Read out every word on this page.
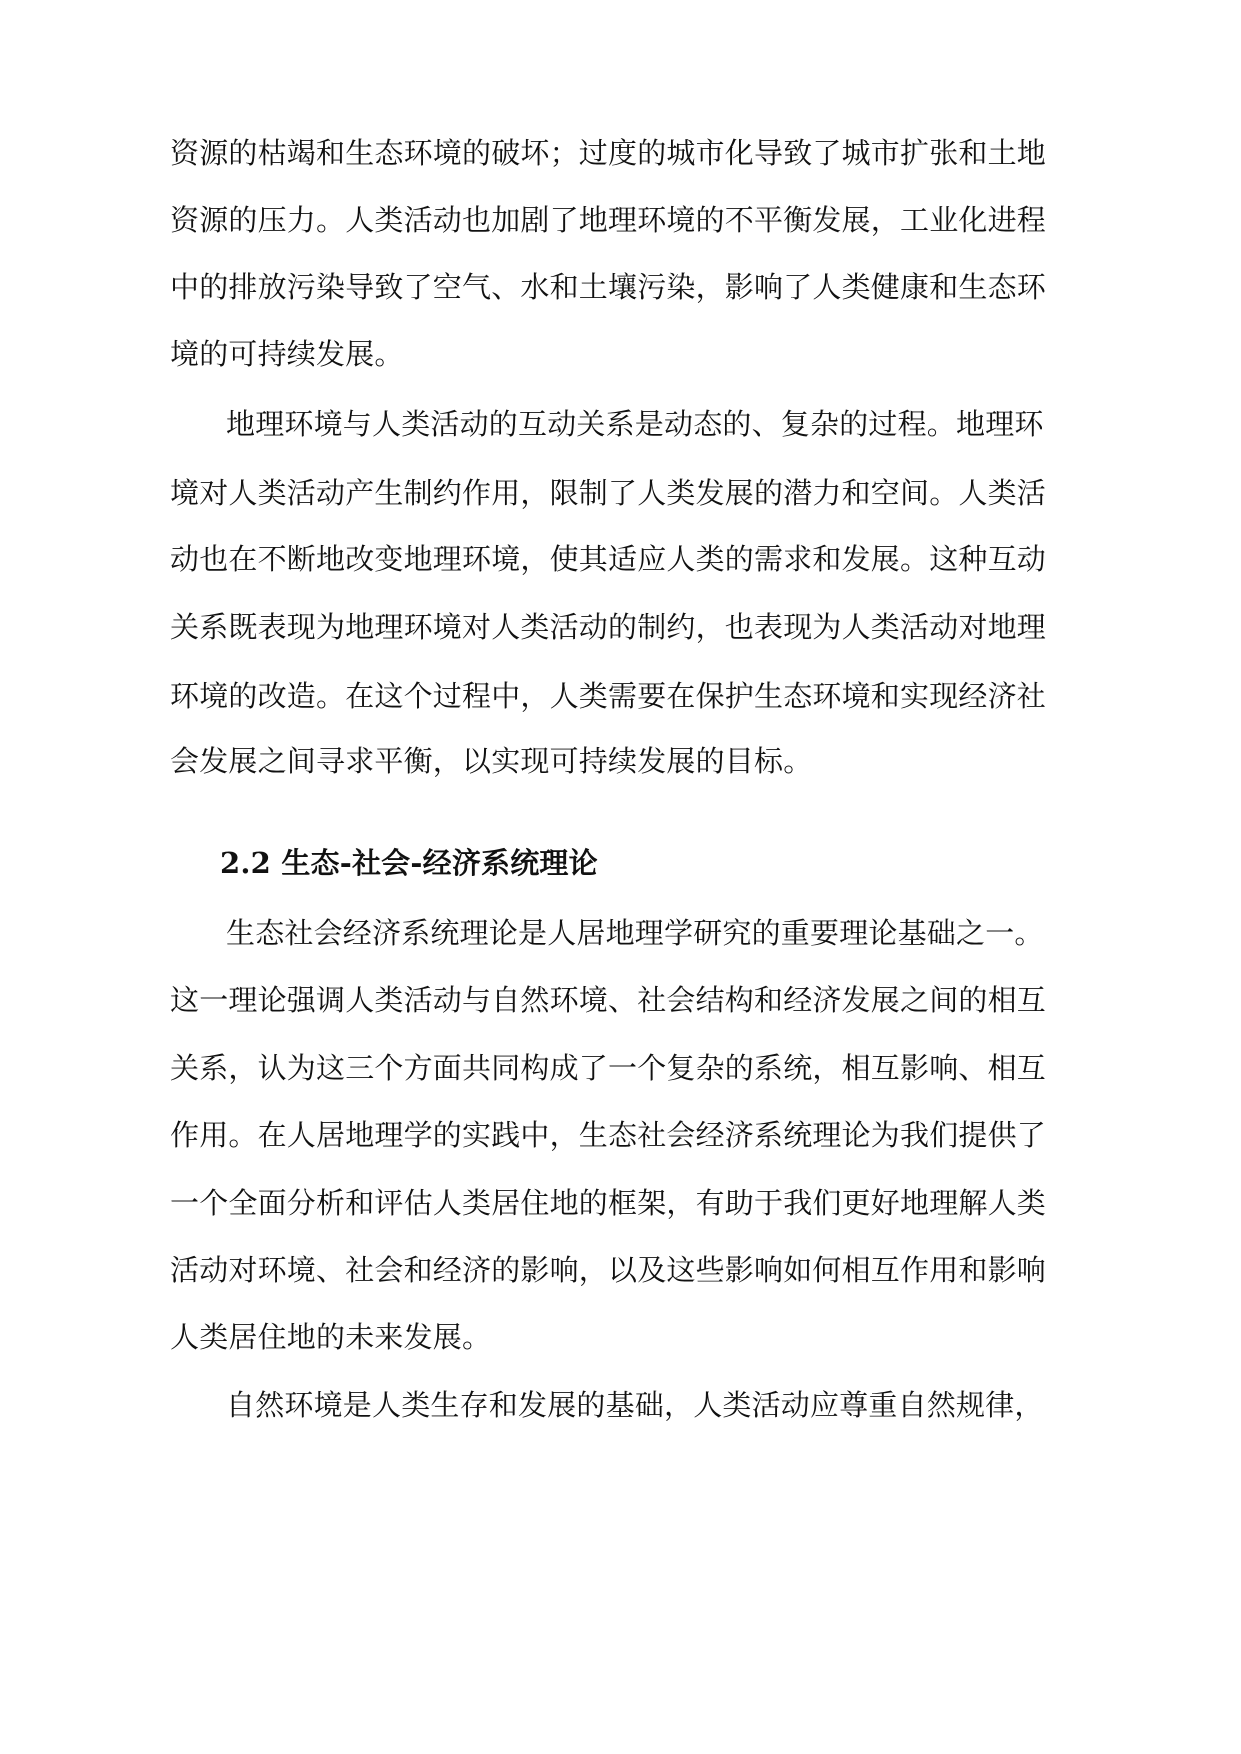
资源的枯竭和生态环境的破坏；过度的城市化导致了城市扩张和土地
资源的压力。人类活动也加剧了地理环境的不平衡发展，工业化进程
中的排放污染导致了空气、水和土壤污染，影响了人类健康和生态环
境的可持续发展。
地理环境与人类活动的互动关系是动态的、复杂的过程。地理环
境对人类活动产生制约作用，限制了人类发展的潜力和空间。人类活
动也在不断地改变地理环境，使其适应人类的需求和发展。这种互动
关系既表现为地理环境对人类活动的制约，也表现为人类活动对地理
环境的改造。在这个过程中，人类需要在保护生态环境和实现经济社
会发展之间寻求平衡，以实现可持续发展的目标。
2.2 生态-社会-经济系统理论
生态社会经济系统理论是人居地理学研究的重要理论基础之一。
这一理论强调人类活动与自然环境、社会结构和经济发展之间的相互
关系，认为这三个方面共同构成了一个复杂的系统，相互影响、相互
作用。在人居地理学的实践中，生态社会经济系统理论为我们提供了
一个全面分析和评估人类居住地的框架，有助于我们更好地理解人类
活动对环境、社会和经济的影响，以及这些影响如何相互作用和影响
人类居住地的未来发展。
自然环境是人类生存和发展的基础，人类活动应尊重自然规律，
